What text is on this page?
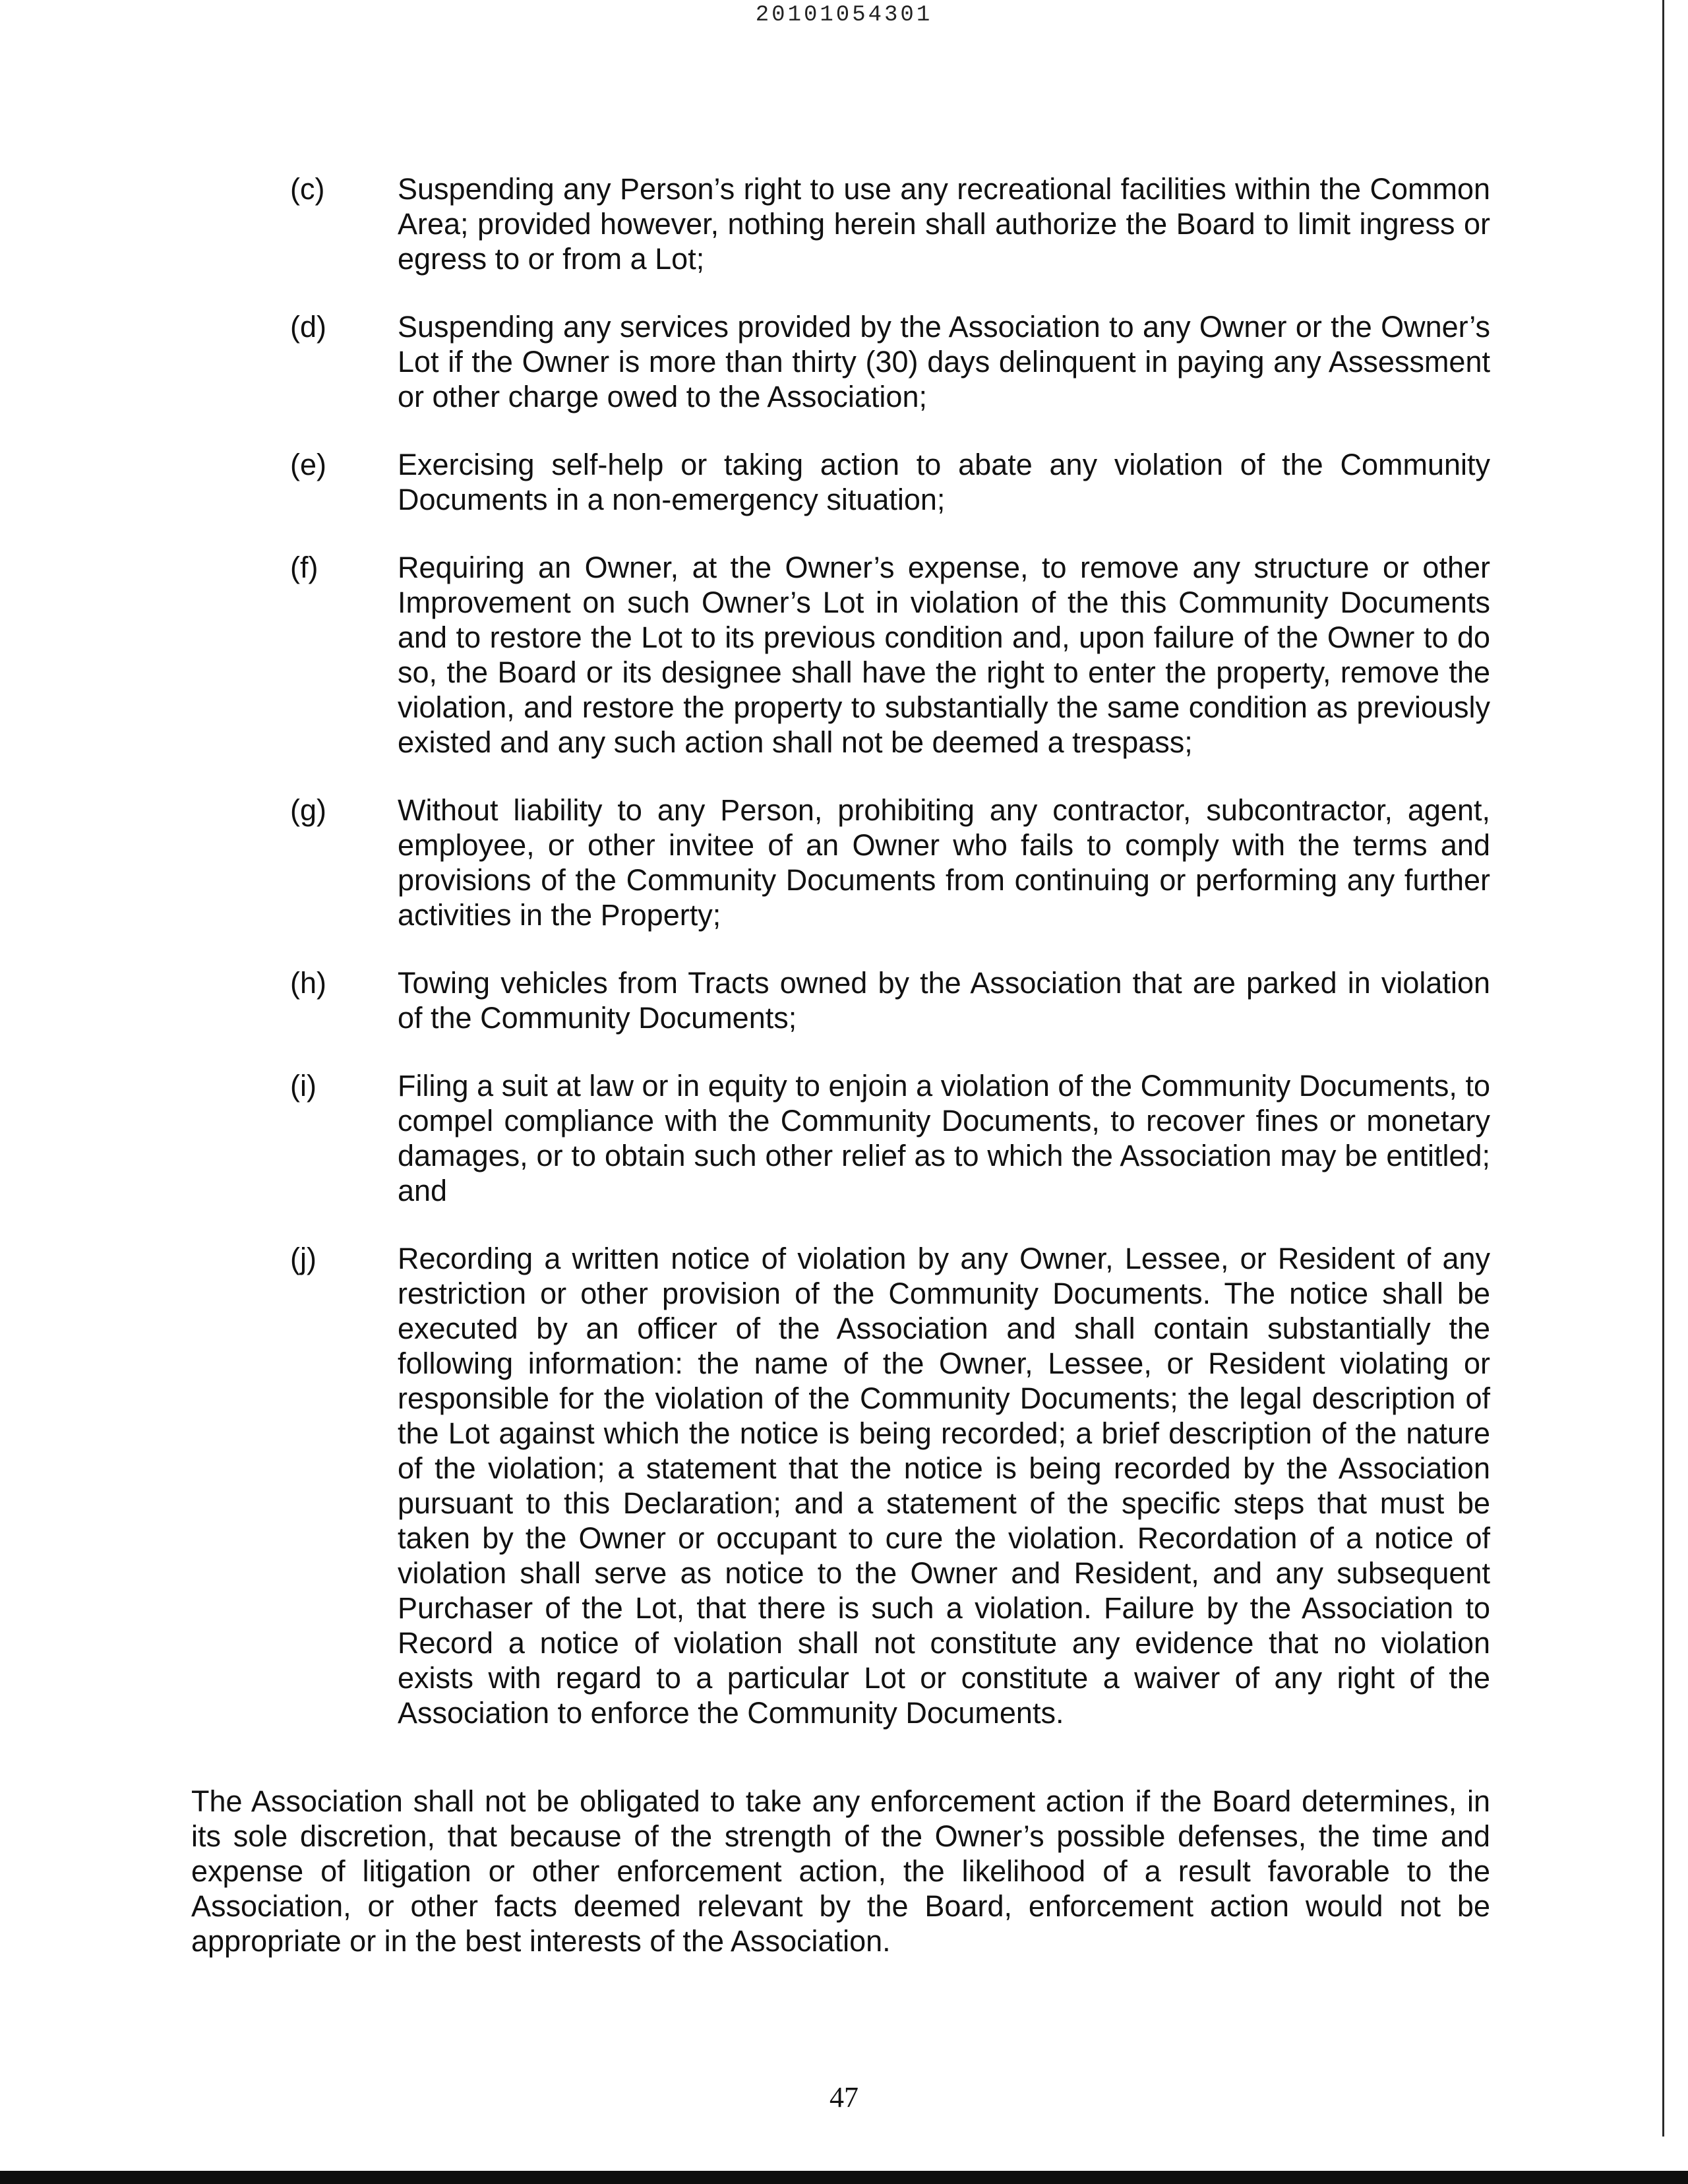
20101054301
(c) Suspending any Person’s right to use any recreational facilities within the Common Area; provided however, nothing herein shall authorize the Board to limit ingress or egress to or from a Lot;
(d) Suspending any services provided by the Association to any Owner or the Owner’s Lot if the Owner is more than thirty (30) days delinquent in paying any Assessment or other charge owed to the Association;
(e) Exercising self-help or taking action to abate any violation of the Community Documents in a non-emergency situation;
(f)	Requiring an Owner, at the Owner’s expense, to remove any structure or other Improvement on such Owner’s Lot in violation of the this Community Documents and to restore the Lot to its previous condition and, upon failure of the Owner to do so, the Board or its designee shall have the right to enter the property, remove the violation, and restore the property to substantially the same condition as previously existed and any such action shall not be deemed a trespass;
(g) Without liability to any Person, prohibiting any contractor, subcontractor, agent, employee, or other invitee of an Owner who fails to comply with the terms and provisions of the Community Documents from continuing or performing any further activities in the Property;
(h) Towing vehicles from Tracts owned by the Association that are parked in violation of the Community Documents;
(i)	Filing a suit at law or in equity to enjoin a violation of the Community Documents, to compel compliance with the Community Documents, to recover fines or monetary damages, or to obtain such other relief as to which the Association may be entitled; and
(j)	Recording a written notice of violation by any Owner, Lessee, or Resident of any restriction or other provision of the Community Documents. The notice shall be executed by an officer of the Association and shall contain substantially the following information: the name of the Owner, Lessee, or Resident violating or responsible for the violation of the Community Documents; the legal description of the Lot against which the notice is being recorded; a brief description of the nature of the violation; a statement that the notice is being recorded by the Association pursuant to this Declaration; and a statement of the specific steps that must be taken by the Owner or occupant to cure the violation. Recordation of a notice of violation shall serve as notice to the Owner and Resident, and any subsequent Purchaser of the Lot, that there is such a violation. Failure by the Association to Record a notice of violation shall not constitute any evidence that no violation exists with regard to a particular Lot or constitute a waiver of any right of the Association to enforce the Community Documents.

The Association shall not be obligated to take any enforcement action if the Board determines, in its sole discretion, that because of the strength of the Owner’s possible defenses, the time and expense of litigation or other enforcement action, the likelihood of a result favorable to the Association, or other facts deemed relevant by the Board, enforcement action would not be appropriate or in the best interests of the Association.

47
